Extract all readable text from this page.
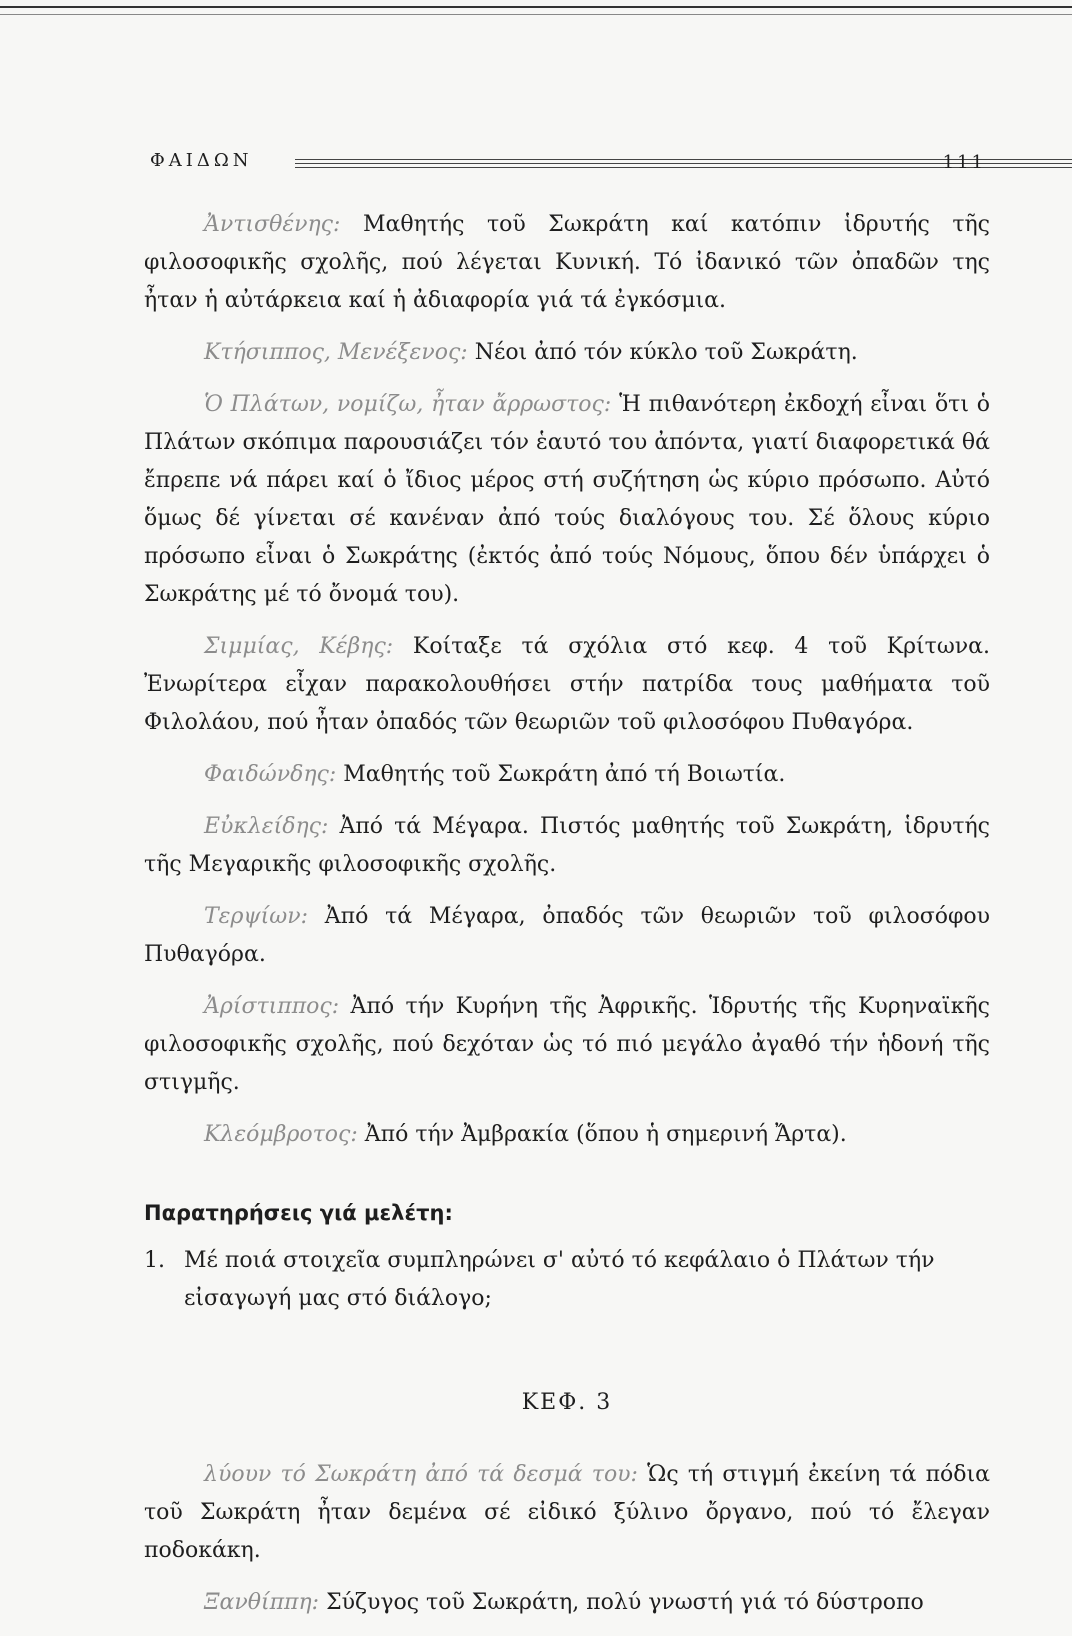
ΦΑΙΔΩΝ	111

Ἀντισθένης: Μαθητής τοῦ Σωκράτη καί κατόπιν ἱδρυτής τῆς φιλοσοφικῆς σχολῆς, πού λέγεται Κυνική. Τό ἰδανικό τῶν ὀπαδῶν της ἦταν ἡ αὐτάρκεια καί ἡ ἀδιαφορία γιά τά ἐγκόσμια.

Κτήσιππος, Μενέξενος: Νέοι ἀπό τόν κύκλο τοῦ Σωκράτη.

Ὁ Πλάτων, νομίζω, ἦταν ἄρρωστος: Ἡ πιθανότερη ἐκδοχή εἶναι ὅτι ὁ Πλάτων σκόπιμα παρουσιάζει τόν ἑαυτό του ἀπόντα, γιατί διαφορετικά θά ἔπρεπε νά πάρει καί ὁ ἴδιος μέρος στή συζήτηση ὡς κύριο πρόσωπο. Αὐτό ὅμως δέ γίνεται σέ κανέναν ἀπό τούς διαλόγους του. Σέ ὅλους κύριο πρόσωπο εἶναι ὁ Σωκράτης (ἐκτός ἀπό τούς Νόμους, ὅπου δέν ὑπάρχει ὁ Σωκράτης μέ τό ὄνομά του).

Σιμμίας, Κέβης: Κοίταξε τά σχόλια στό κεφ. 4 τοῦ Κρίτωνα. Ἐνωρίτερα εἶχαν παρακολουθήσει στήν πατρίδα τους μαθήματα τοῦ Φιλολάου, πού ἦταν ὀπαδός τῶν θεωριῶν τοῦ φιλοσόφου Πυθαγόρα.

Φαιδώνδης: Μαθητής τοῦ Σωκράτη ἀπό τή Βοιωτία.

Εὐκλείδης: Ἀπό τά Μέγαρα. Πιστός μαθητής τοῦ Σωκράτη, ἱδρυτής τῆς Μεγαρικῆς φιλοσοφικῆς σχολῆς.

Τερψίων: Ἀπό τά Μέγαρα, ὀπαδός τῶν θεωριῶν τοῦ φιλοσόφου Πυθαγόρα.

Ἀρίστιππος: Ἀπό τήν Κυρήνη τῆς Ἀφρικῆς. Ἱδρυτής τῆς Κυρηναϊκῆς φιλοσοφικῆς σχολῆς, πού δεχόταν ὡς τό πιό μεγάλο ἀγαθό τήν ἡδονή τῆς στιγμῆς.

Κλεόμβροτος: Ἀπό τήν Ἀμβρακία (ὅπου ἡ σημερινή Ἄρτα).

Παρατηρήσεις γιά μελέτη:

1. Μέ ποιά στοιχεῖα συμπληρώνει σ' αὐτό τό κεφάλαιο ὁ Πλάτων τήν εἰσαγωγή μας στό διάλογο;

ΚΕΦ. 3

λύουν τό Σωκράτη ἀπό τά δεσμά του: Ὡς τή στιγμή ἐκείνη τά πόδια τοῦ Σωκράτη ἦταν δεμένα σέ εἰδικό ξύλινο ὄργανο, πού τό ἔλεγαν ποδοκάκη.

Ξανθίππη: Σύζυγος τοῦ Σωκράτη, πολύ γνωστή γιά τό δύστροπο
